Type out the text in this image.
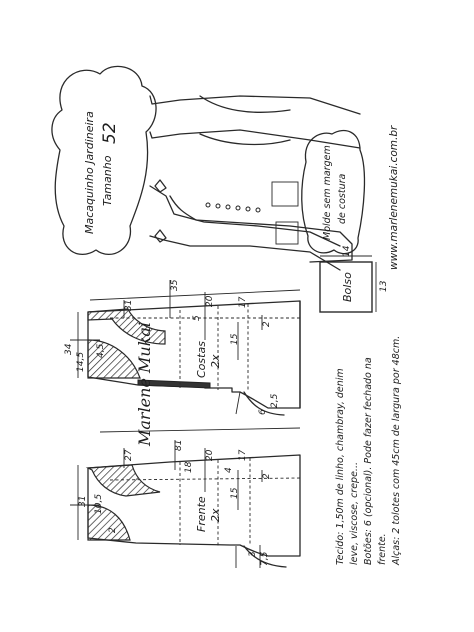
Macaquinho Jardineira Tamanho
52
Molde sem margem de costura	www.marlenemukai.com.br
Bolso
14
13
Costas 2x
Frente 2x
31
35
34
14,5
4,5
20	17
15
2
5
2,5
6
27
31 10,5
2
81
18
20	17
15
4
2
7,5
3
Marlene Mukai	Tecido: 1,50m de linho, chambray, denim leve, viscose, crepe... Botões: 6 (opcional). Pode fazer fechado na frente. Alças: 2 tolotes com 45cm de largura por 48cm.
